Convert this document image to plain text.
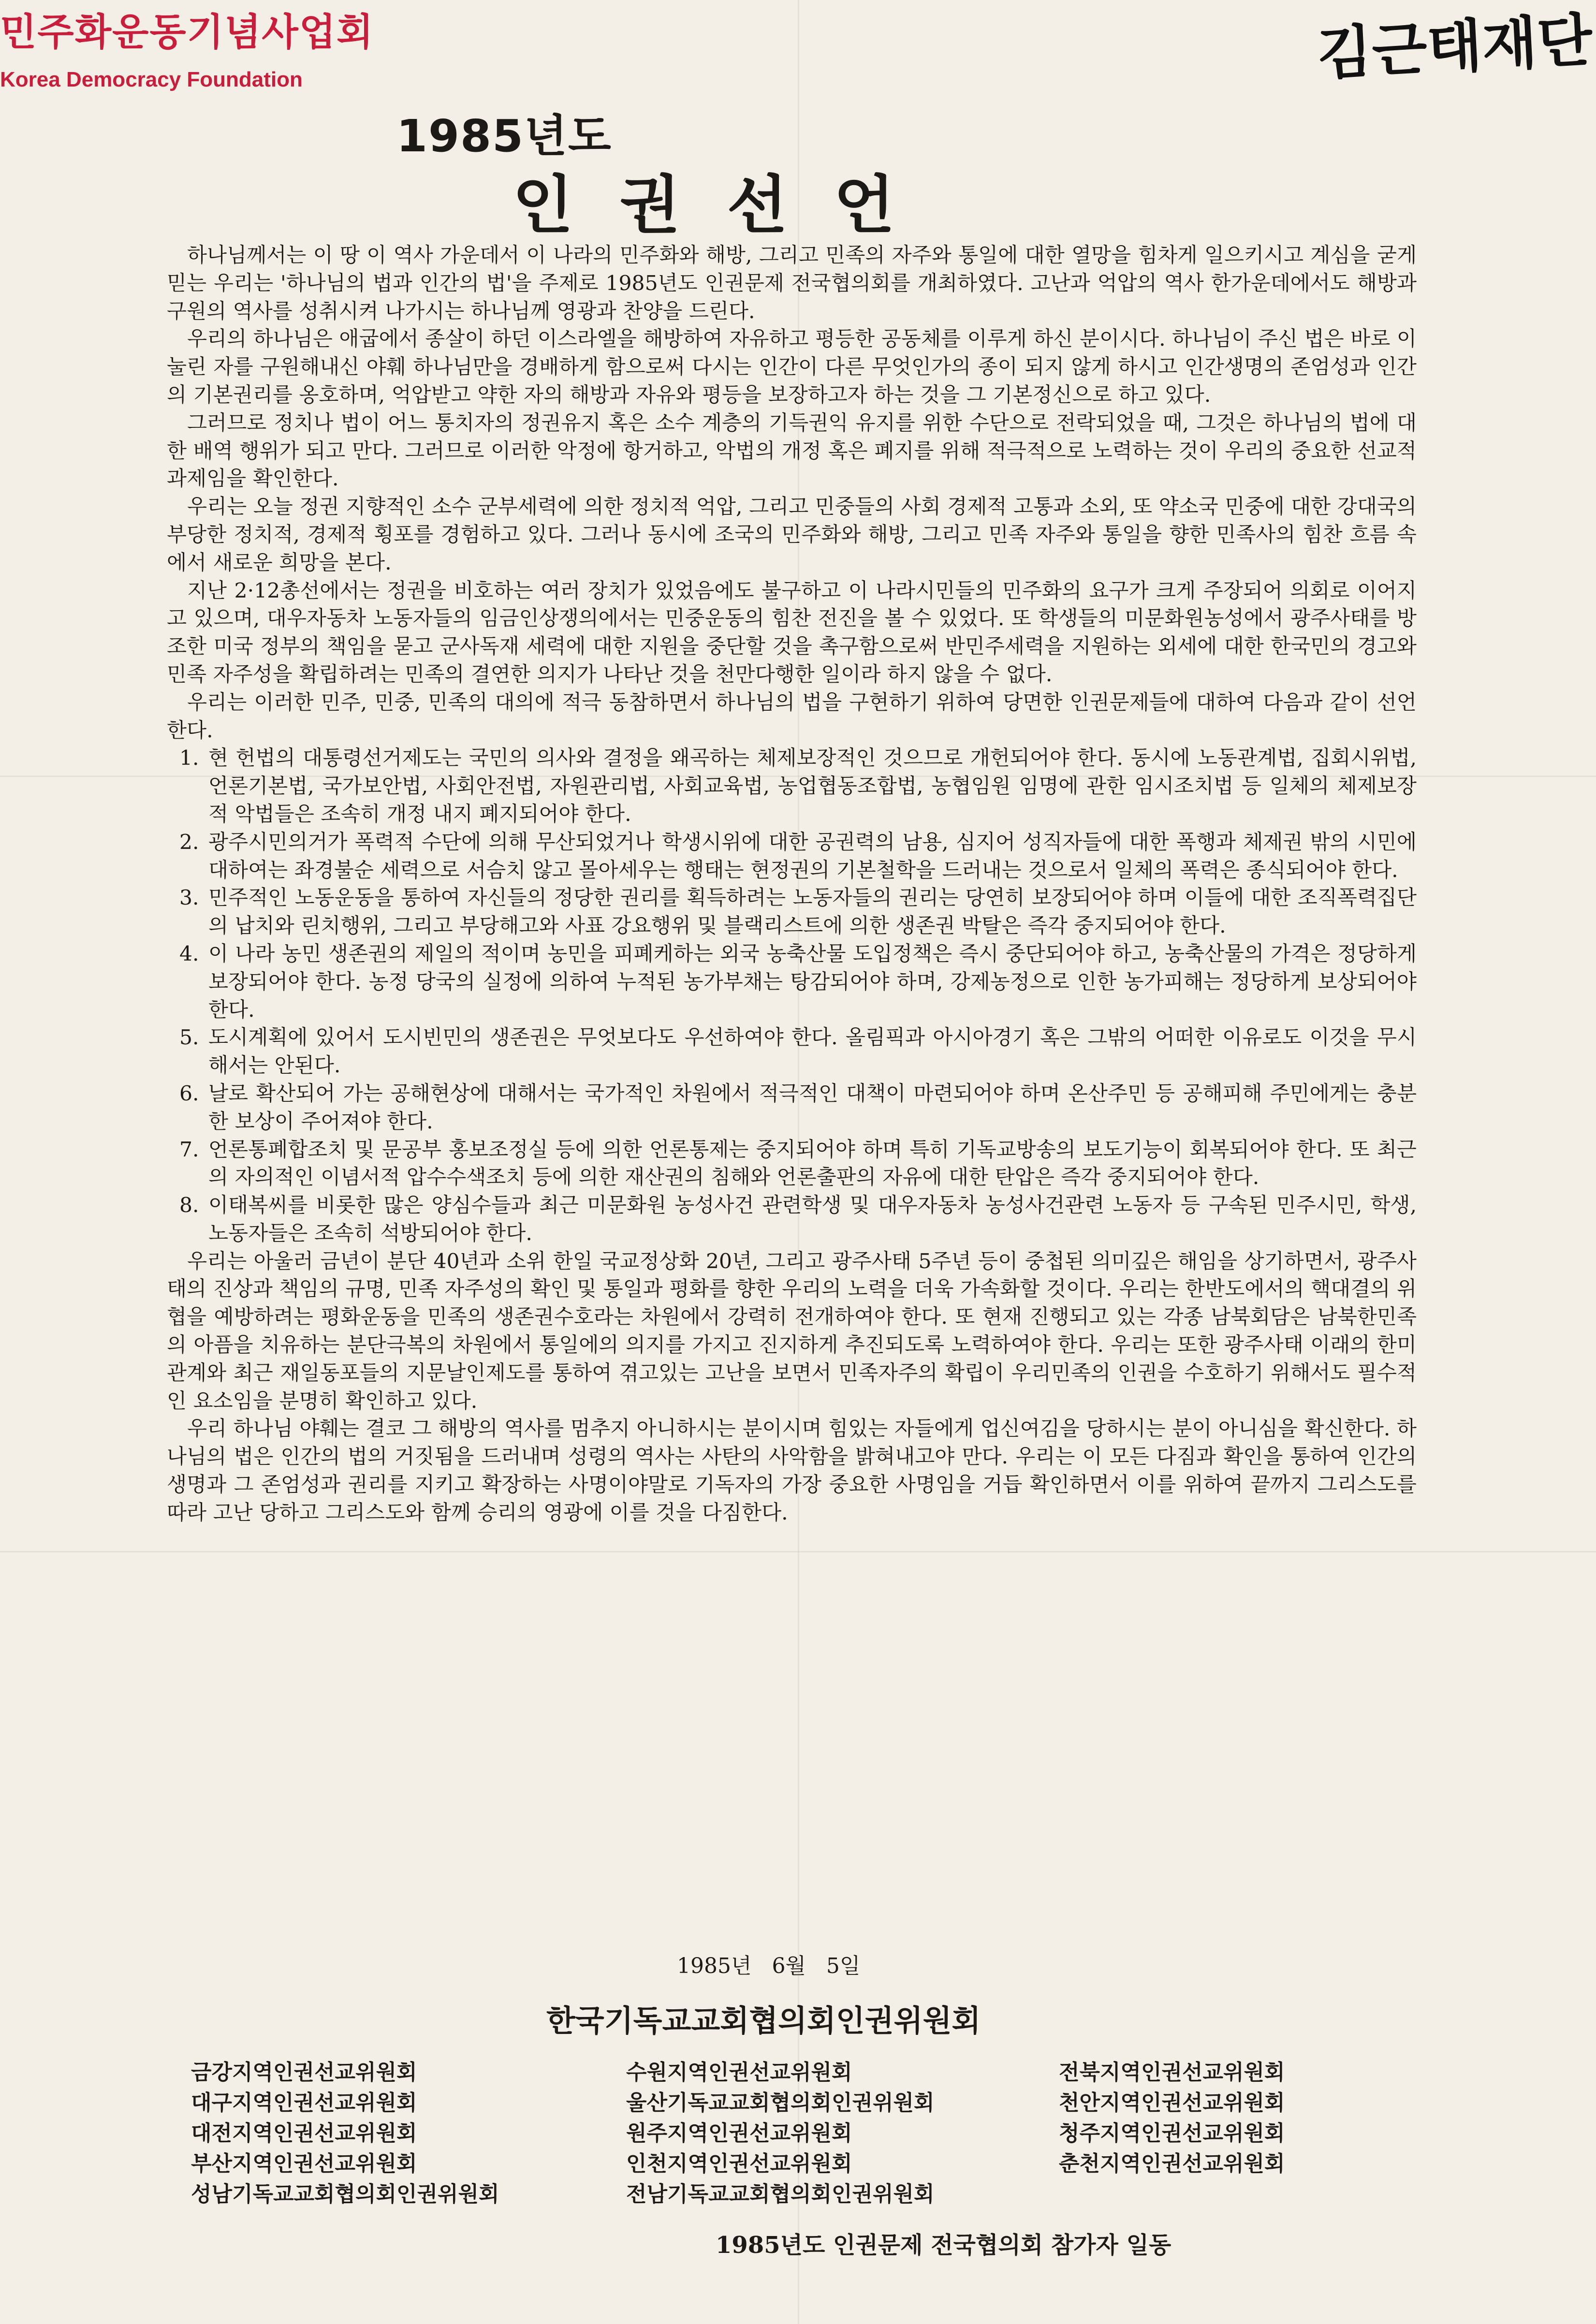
민주화운동기념사업회
Korea Democracy Foundation	김근태재단
1985년도
인권선언

하나님께서는 이 땅 이 역사 가운데서 이 나라의 민주화와 해방, 그리고 민족의 자주와 통일에 대한 열망을 힘차게 일으키시고 계심을 굳게 믿는 우리는 '하나님의 법과 인간의 법'을 주제로 1985년도 인권문제 전국협의회를 개최하였다. 고난과 억압의 역사 한가운데에서도 해방과 구원의 역사를 성취시켜 나가시는 하나님께 영광과 찬양을 드린다.

우리의 하나님은 애굽에서 종살이 하던 이스라엘을 해방하여 자유하고 평등한 공동체를 이루게 하신 분이시다. 하나님이 주신 법은 바로 이 눌린 자를 구원해내신 야훼 하나님만을 경배하게 함으로써 다시는 인간이 다른 무엇인가의 종이 되지 않게 하시고 인간생명의 존엄성과 인간의 기본권리를 옹호하며, 억압받고 약한 자의 해방과 자유와 평등을 보장하고자 하는 것을 그 기본정신으로 하고 있다.

그러므로 정치나 법이 어느 통치자의 정권유지 혹은 소수 계층의 기득권익 유지를 위한 수단으로 전락되었을 때, 그것은 하나님의 법에 대한 배역 행위가 되고 만다. 그러므로 이러한 악정에 항거하고, 악법의 개정 혹은 폐지를 위해 적극적으로 노력하는 것이 우리의 중요한 선교적 과제임을 확인한다.

우리는 오늘 정권 지향적인 소수 군부세력에 의한 정치적 억압, 그리고 민중들의 사회 경제적 고통과 소외, 또 약소국 민중에 대한 강대국의 부당한 정치적, 경제적 횡포를 경험하고 있다. 그러나 동시에 조국의 민주화와 해방, 그리고 민족 자주와 통일을 향한 민족사의 힘찬 흐름 속에서 새로운 희망을 본다.

지난 2·12총선에서는 정권을 비호하는 여러 장치가 있었음에도 불구하고 이 나라시민들의 민주화의 요구가 크게 주장되어 의회로 이어지고 있으며, 대우자동차 노동자들의 임금인상쟁의에서는 민중운동의 힘찬 전진을 볼 수 있었다. 또 학생들의 미문화원농성에서 광주사태를 방조한 미국 정부의 책임을 묻고 군사독재 세력에 대한 지원을 중단할 것을 촉구함으로써 반민주세력을 지원하는 외세에 대한 한국민의 경고와 민족 자주성을 확립하려는 민족의 결연한 의지가 나타난 것을 천만다행한 일이라 하지 않을 수 없다.

우리는 이러한 민주, 민중, 민족의 대의에 적극 동참하면서 하나님의 법을 구현하기 위하여 당면한 인권문제들에 대하여 다음과 같이 선언한다.

1. 현 헌법의 대통령선거제도는 국민의 의사와 결정을 왜곡하는 체제보장적인 것으므로 개헌되어야 한다. 동시에 노동관계법, 집회시위법, 언론기본법, 국가보안법, 사회안전법, 자원관리법, 사회교육법, 농업협동조합법, 농협임원 임명에 관한 임시조치법 등 일체의 체제보장적 악법들은 조속히 개정 내지 폐지되어야 한다.
2. 광주시민의거가 폭력적 수단에 의해 무산되었거나 학생시위에 대한 공권력의 남용, 심지어 성직자들에 대한 폭행과 체제권 밖의 시민에 대하여는 좌경불순 세력으로 서슴치 않고 몰아세우는 행태는 현정권의 기본철학을 드러내는 것으로서 일체의 폭력은 종식되어야 한다.
3. 민주적인 노동운동을 통하여 자신들의 정당한 권리를 획득하려는 노동자들의 권리는 당연히 보장되어야 하며 이들에 대한 조직폭력집단의 납치와 린치행위, 그리고 부당해고와 사표 강요행위 및 블랙리스트에 의한 생존권 박탈은 즉각 중지되어야 한다.
4. 이 나라 농민 생존권의 제일의 적이며 농민을 피폐케하는 외국 농축산물 도입정책은 즉시 중단되어야 하고, 농축산물의 가격은 정당하게 보장되어야 한다. 농정 당국의 실정에 의하여 누적된 농가부채는 탕감되어야 하며, 강제농정으로 인한 농가피해는 정당하게 보상되어야 한다.
5. 도시계획에 있어서 도시빈민의 생존권은 무엇보다도 우선하여야 한다. 올림픽과 아시아경기 혹은 그밖의 어떠한 이유로도 이것을 무시해서는 안된다.
6. 날로 확산되어 가는 공해현상에 대해서는 국가적인 차원에서 적극적인 대책이 마련되어야 하며 온산주민 등 공해피해 주민에게는 충분한 보상이 주어져야 한다.
7. 언론통폐합조치 및 문공부 홍보조정실 등에 의한 언론통제는 중지되어야 하며 특히 기독교방송의 보도기능이 회복되어야 한다. 또 최근의 자의적인 이념서적 압수수색조치 등에 의한 재산권의 침해와 언론출판의 자유에 대한 탄압은 즉각 중지되어야 한다.
8. 이태복씨를 비롯한 많은 양심수들과 최근 미문화원 농성사건 관련학생 및 대우자동차 농성사건관련 노동자 등 구속된 민주시민, 학생, 노동자들은 조속히 석방되어야 한다.

우리는 아울러 금년이 분단 40년과 소위 한일 국교정상화 20년, 그리고 광주사태 5주년 등이 중첩된 의미깊은 해임을 상기하면서, 광주사태의 진상과 책임의 규명, 민족 자주성의 확인 및 통일과 평화를 향한 우리의 노력을 더욱 가속화할 것이다. 우리는 한반도에서의 핵대결의 위협을 예방하려는 평화운동을 민족의 생존권수호라는 차원에서 강력히 전개하여야 한다. 또 현재 진행되고 있는 각종 남북회담은 남북한민족의 아픔을 치유하는 분단극복의 차원에서 통일에의 의지를 가지고 진지하게 추진되도록 노력하여야 한다. 우리는 또한 광주사태 이래의 한미관계와 최근 재일동포들의 지문날인제도를 통하여 겪고있는 고난을 보면서 민족자주의 확립이 우리민족의 인권을 수호하기 위해서도 필수적인 요소임을 분명히 확인하고 있다.

우리 하나님 야훼는 결코 그 해방의 역사를 멈추지 아니하시는 분이시며 힘있는 자들에게 업신여김을 당하시는 분이 아니심을 확신한다. 하나님의 법은 인간의 법의 거짓됨을 드러내며 성령의 역사는 사탄의 사악함을 밝혀내고야 만다. 우리는 이 모든 다짐과 확인을 통하여 인간의 생명과 그 존엄성과 권리를 지키고 확장하는 사명이야말로 기독자의 가장 중요한 사명임을 거듭 확인하면서 이를 위하여 끝까지 그리스도를 따라 고난 당하고 그리스도와 함께 승리의 영광에 이를 것을 다짐한다.

1985년   6월   5일
한국기독교교회협의회인권위원회
금강지역인권선교위원회
대구지역인권선교위원회
대전지역인권선교위원회
부산지역인권선교위원회
성남기독교교회협의회인권위원회
수원지역인권선교위원회
울산기독교교회협의회인권위원회
원주지역인권선교위원회
인천지역인권선교위원회
전남기독교교회협의회인권위원회
전북지역인권선교위원회
천안지역인권선교위원회
청주지역인권선교위원회
춘천지역인권선교위원회
1985년도 인권문제 전국협의회 참가자 일동
